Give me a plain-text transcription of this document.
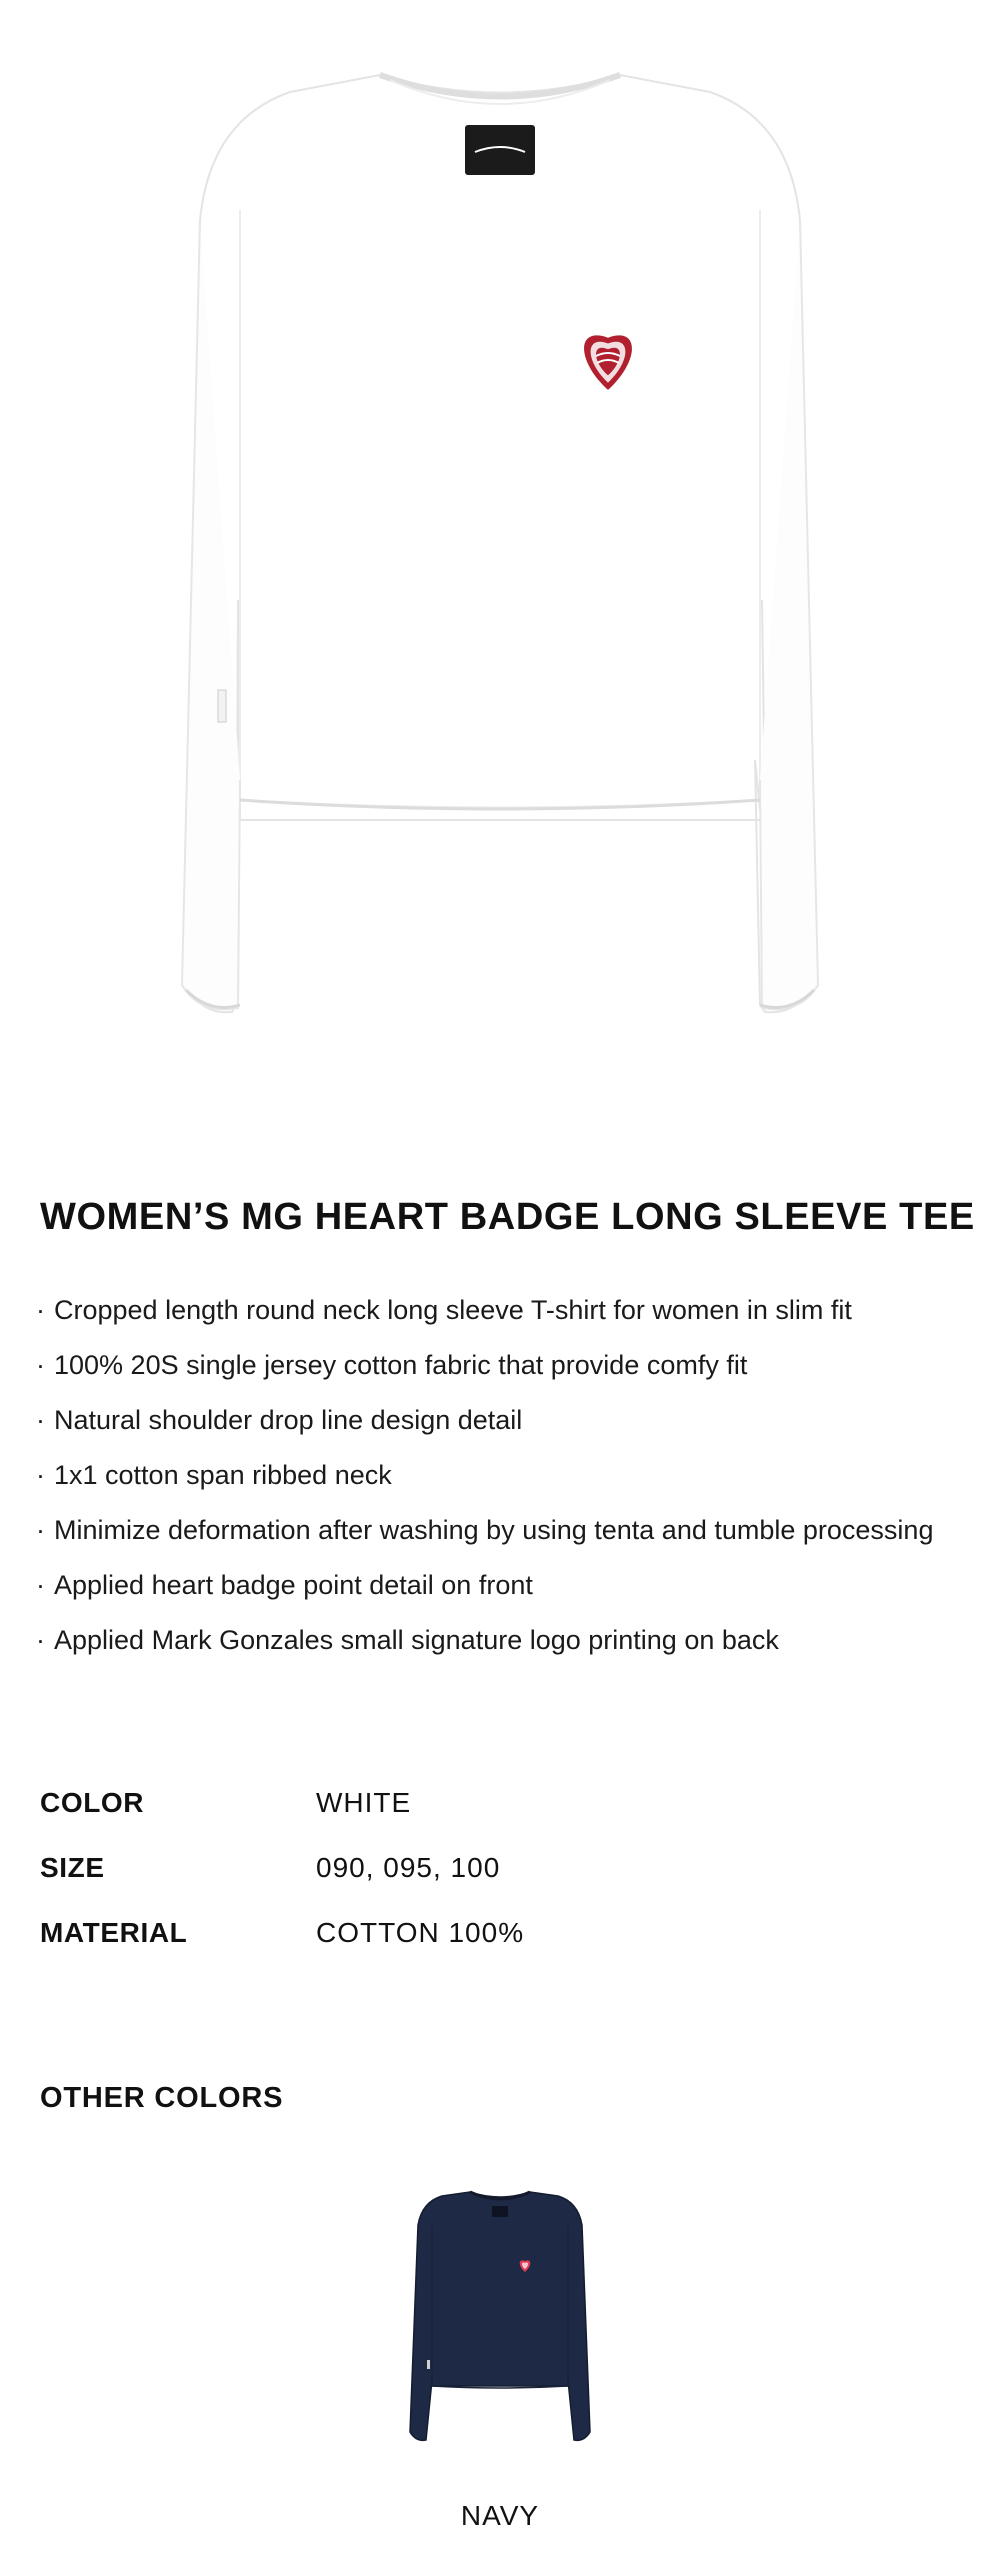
WOMEN’S MG HEART BADGE LONG SLEEVE TEE
· Cropped length round neck long sleeve T-shirt for women in slim fit
· 100% 20S single jersey cotton fabric that provide comfy fit
· Natural shoulder drop line design detail
· 1x1 cotton span ribbed neck
· Minimize deformation after washing by using tenta and tumble processing
· Applied heart badge point detail on front
· Applied Mark Gonzales small signature logo printing on back
COLOR	WHITE
SIZE	090, 095, 100
MATERIAL	COTTON 100%
OTHER COLORS
NAVY
